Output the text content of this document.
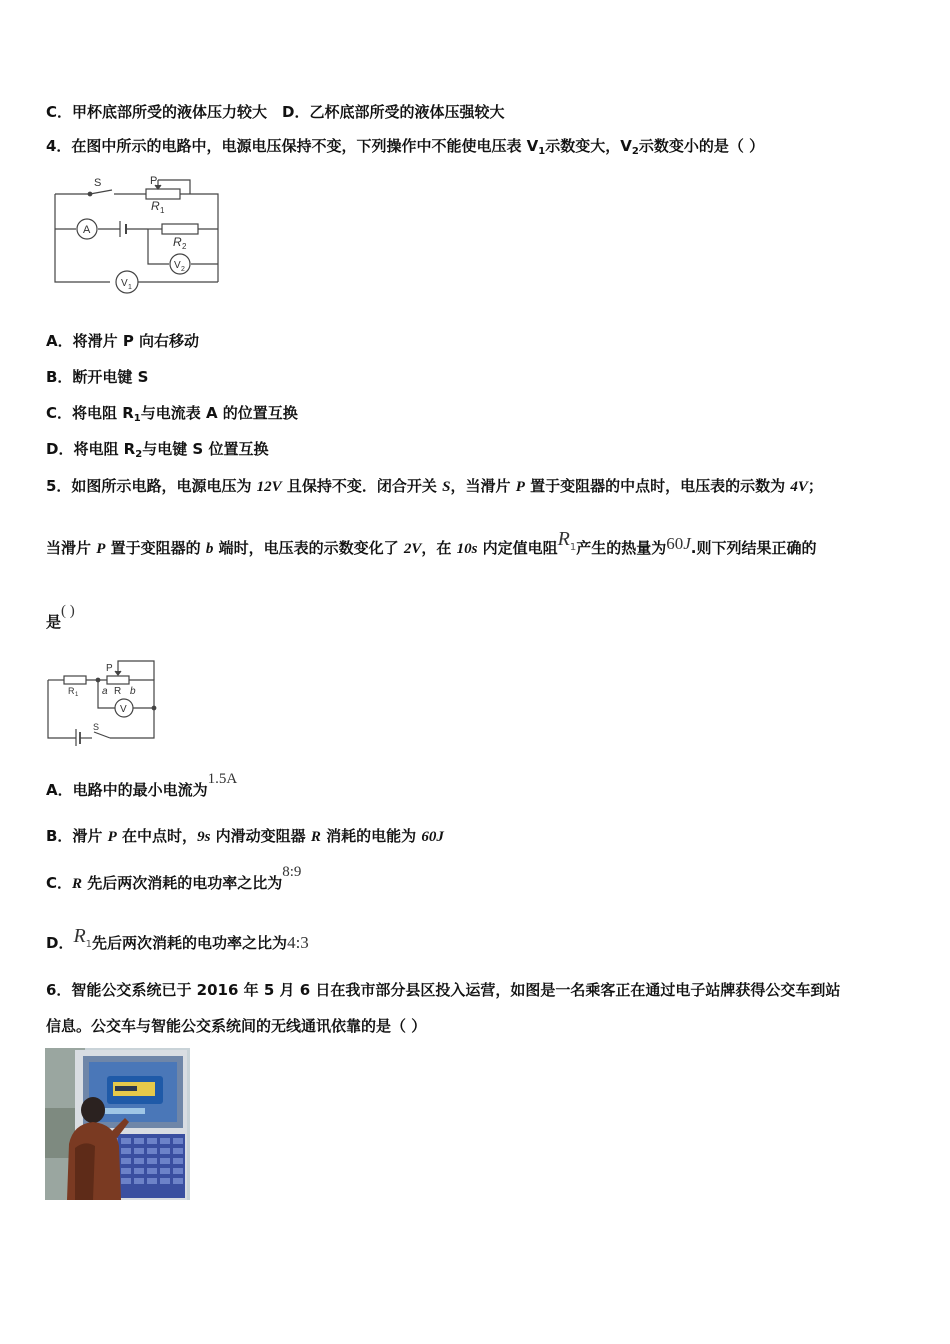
C．甲杯底部所受的液体压力较大　D．乙杯底部所受的液体压强较大
4．在图中所示的电路中，电源电压保持不变，下列操作中不能使电压表 $V_1$示数变大，$V_2$示数变小的是（ ）
S	P
R 1
R 2
A
V 2
V 1
A．将滑片 P 向右移动
B．断开电键 S
C．将电阻 $R_1$与电流表 A 的位置互换
D．将电阻 $R_2$与电键 S 位置互换
5．如图所示电路，电源电压为 12V 且保持不变．闭合开关 S，当滑片 P 置于变阻器的中点时，电压表的示数为 4V；
当滑片 P 置于变阻器的 b 端时，电压表的示数变化了 2V，在 10s 内定值电阻$R^1$产生的热量为60J.则下列结果正确的
是( )
P
R 1 a R b
V
S
A．电路中的最小电流为1.5A
B．滑片 P 在中点时，9s 内滑动变阻器 R 消耗的电能为 60J
C．R 先后两次消耗的电功率之比为8:9
D．$R_1$先后两次消耗的电功率之比为4:3
6．智能公交系统已于 2016 年 5 月 6 日在我市部分县区投入运营，如图是一名乘客正在通过电子站牌获得公交车到站
信息。公交车与智能公交系统间的无线通讯依靠的是（ ）
